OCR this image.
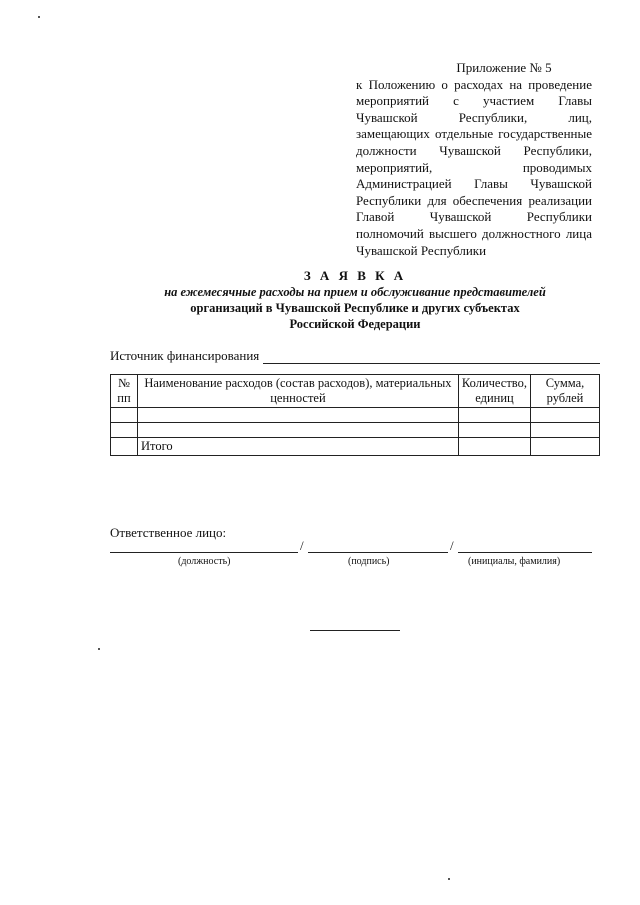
Приложение № 5
к Положению о расходах на проведение мероприятий с участием Главы Чувашской Республики, лиц, замещающих отдельные государственные должности Чувашской Республики, мероприятий, проводимых Администрацией Главы Чувашской Республики для обеспечения реализации Главой Чувашской Республики полномочий высшего должностного лица Чувашской Республики
З А Я В К А
на ежемесячные расходы на прием и обслуживание представителей
организаций в Чувашской Республике и других субъектах
Российской Федерации
Источник финансирования
№ пп	Наименование расходов (состав расходов), материальных ценностей	Количество, единиц	Сумма, рублей

	Итого		
Ответственное лицо:
/	/
(должность)	(подпись)	(инициалы, фамилия)
